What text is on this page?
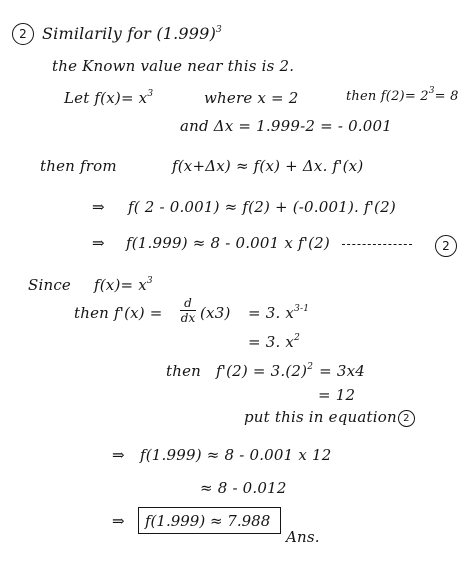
2 Similarily for $(1.999)^3$
the Known value near this is 2.
Let $f(x)= x^3$	where x = 2	then $f(2)= 2^3= 8$
and Δx = 1.999-2 = - 0.001
then from	f(x+Δx) ≈ f(x) + Δx. f'(x)
⇒ f( 2 - 0.001) ≈ f(2) + (-0.001). f'(2)
⇒ f(1.999) ≈ 8 - 0.001 x f'(2)	2
Since $f(x)= x^3$
then $f'(x) = \frac{d}{dx} (x3) = 3$. $x^{3-1}$
= 3. $x^2$
then $f'(2) = 3.(2)^2 = 3x4$
= 12
put this in equation 2
⇒ f(1.999) ≈ 8 - 0.001 x 12
≈ 8 - 0.012
⇒	f(1.999) ≈ 7.988
Ans.
